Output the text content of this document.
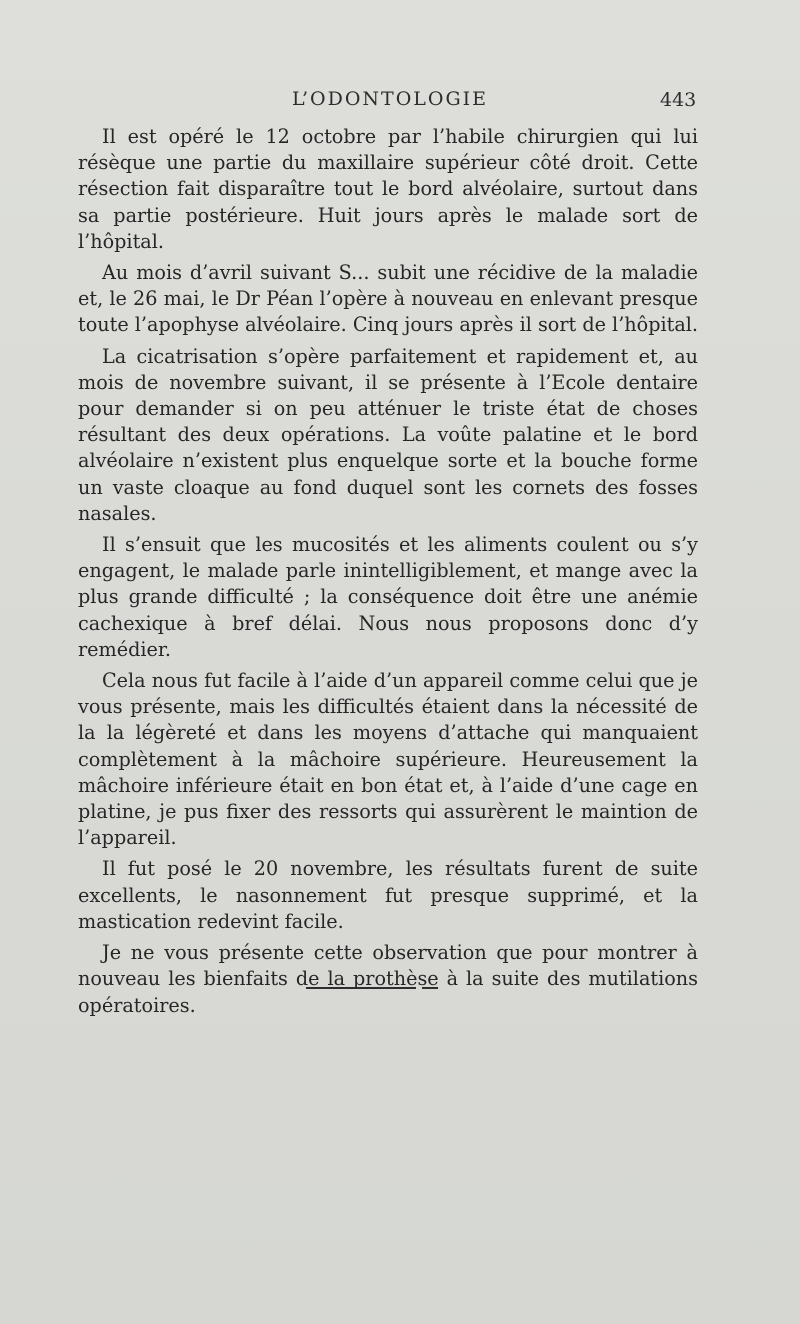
L’ODONTOLOGIE	443

Il est opéré le 12 octobre par l’habile chirurgien qui lui résèque une partie du maxillaire supérieur côté droit. Cette résection fait disparaître tout le bord alvéolaire, surtout dans sa partie postérieure. Huit jours après le malade sort de l’hôpital.

Au mois d’avril suivant S... subit une récidive de la maladie et, le 26 mai, le Dr Péan l’opère à nouveau en enlevant presque toute l’apophyse alvéolaire. Cinq jours après il sort de l’hôpital.

La cicatrisation s’opère parfaitement et rapidement et, au mois de novembre suivant, il se présente à l’Ecole dentaire pour demander si on peu atténuer le triste état de choses résultant des deux opérations. La voûte palatine et le bord alvéolaire n’existent plus enquelque sorte et la bouche forme un vaste cloaque au fond duquel sont les cornets des fosses nasales.

Il s’ensuit que les mucosités et les aliments coulent ou s’y engagent, le malade parle inintelligiblement, et mange avec la plus grande difficulté ; la conséquence doit être une anémie cachexique à bref délai. Nous nous proposons donc d’y remédier.

Cela nous fut facile à l’aide d’un appareil comme celui que je vous présente, mais les difficultés étaient dans la nécessité de la la légèreté et dans les moyens d’attache qui manquaient complètement à la mâchoire supérieure. Heureusement la mâchoire inférieure était en bon état et, à l’aide d’une cage en platine, je pus fixer des ressorts qui assurèrent le maintion de l’appareil.

Il fut posé le 20 novembre, les résultats furent de suite excellents, le nasonnement fut presque supprimé, et la mastication redevint facile.

Je ne vous présente cette observation que pour montrer à nouveau les bienfaits de la prothèse à la suite des mutilations opératoires.
